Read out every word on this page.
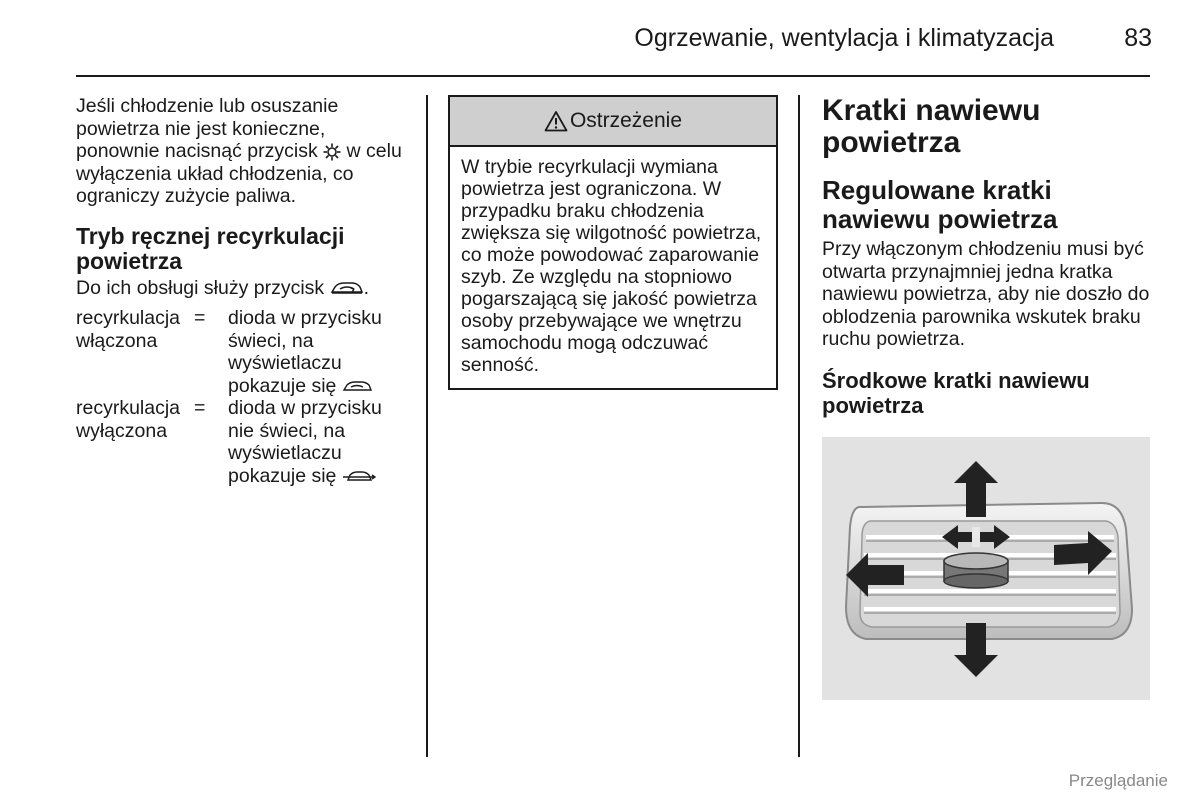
Ogrzewanie, wentylacja i klimatyzacja	83

Jeśli chłodzenie lub osuszanie powietrza nie jest konieczne, ponownie nacisnąć przycisk w celu wyłączenia układ chłodzenia, co ograniczy zużycie paliwa.

Tryb ręcznej recyrkulacji powietrza

Do ich obsługi służy przycisk .

recyrkulacja włączona
=	dioda w przycisku świeci, na wyświetlaczu pokazuje się
recyrkulacja wyłączona
=	dioda w przycisku nie świeci, na wyświetlaczu pokazuje się
Ostrzeżenie

W trybie recyrkulacji wymiana powietrza jest ograniczona. W przypadku braku chłodzenia zwiększa się wilgotność powietrza, co może powodować zaparowanie szyb. Ze względu na stopniowo pogarszającą się jakość powietrza osoby przebywające we wnętrzu samochodu mogą odczuwać senność.

Kratki nawiewu powietrza
Regulowane kratki nawiewu powietrza

Przy włączonym chłodzeniu musi być otwarta przynajmniej jedna kratka nawiewu powietrza, aby nie doszło do oblodzenia parownika wskutek braku ruchu powietrza.

Środkowe kratki nawiewu powietrza
Przeglądanie
